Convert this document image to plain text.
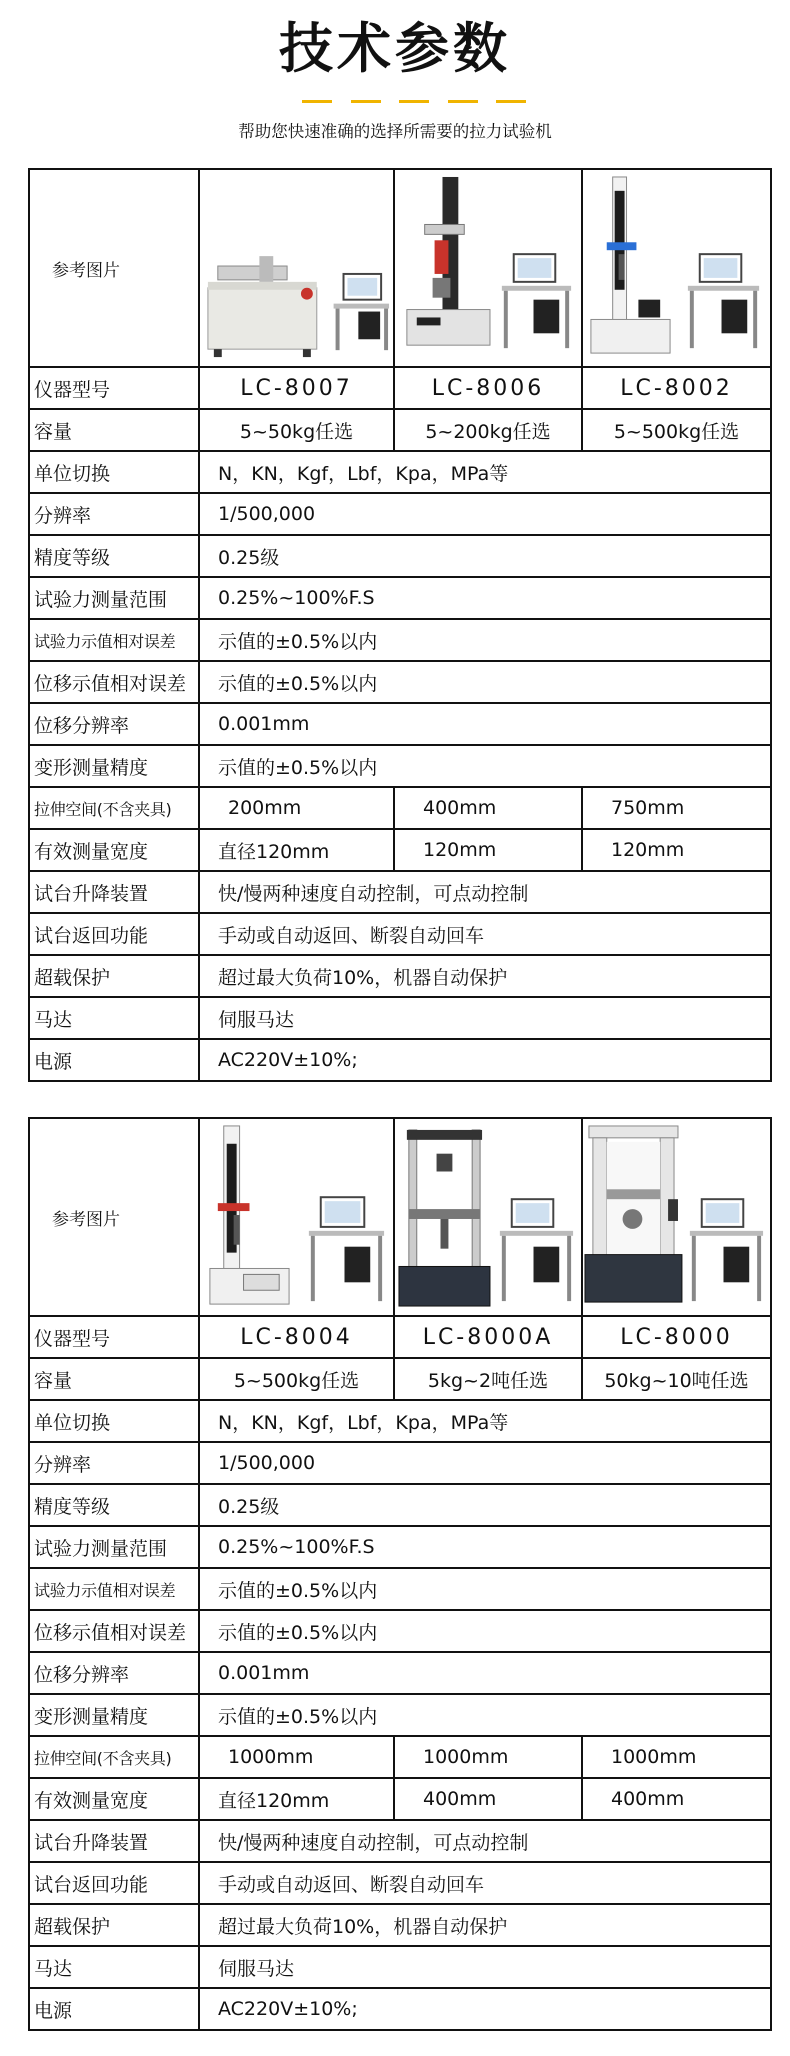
技术参数
帮助您快速准确的选择所需要的拉力试验机
参考图片	

仪器型号	LC-8007	LC-8006	LC-8002
容量	5~50kg任选	5~200kg任选	5~500kg任选
单位切换	N，KN，Kgf，Lbf，Kpa，MPa等		
分辨率	1/500,000		
精度等级	0.25级		
试验力测量范围	0.25%~100%F.S		
试验力示值相对误差	示值的±0.5%以内		
位移示值相对误差	示值的±0.5%以内		
位移分辨率	0.001mm		
变形测量精度	示值的±0.5%以内		
拉伸空间(不含夹具)	200mm	400mm	750mm
有效测量宽度	直径120mm	120mm	120mm
试台升降装置	快/慢两种速度自动控制，可点动控制		
试台返回功能	手动或自动返回、断裂自动回车		
超载保护	超过最大负荷10%，机器自动保护		
马达	伺服马达		
电源	AC220V±10%;		
参考图片	

仪器型号	LC-8004	LC-8000A	LC-8000
容量	5~500kg任选	5kg~2吨任选	50kg~10吨任选
单位切换	N，KN，Kgf，Lbf，Kpa，MPa等		
分辨率	1/500,000		
精度等级	0.25级		
试验力测量范围	0.25%~100%F.S		
试验力示值相对误差	示值的±0.5%以内		
位移示值相对误差	示值的±0.5%以内		
位移分辨率	0.001mm		
变形测量精度	示值的±0.5%以内		
拉伸空间(不含夹具)	1000mm	1000mm	1000mm
有效测量宽度	直径120mm	400mm	400mm
试台升降装置	快/慢两种速度自动控制，可点动控制		
试台返回功能	手动或自动返回、断裂自动回车		
超载保护	超过最大负荷10%，机器自动保护		
马达	伺服马达		
电源	AC220V±10%;		
